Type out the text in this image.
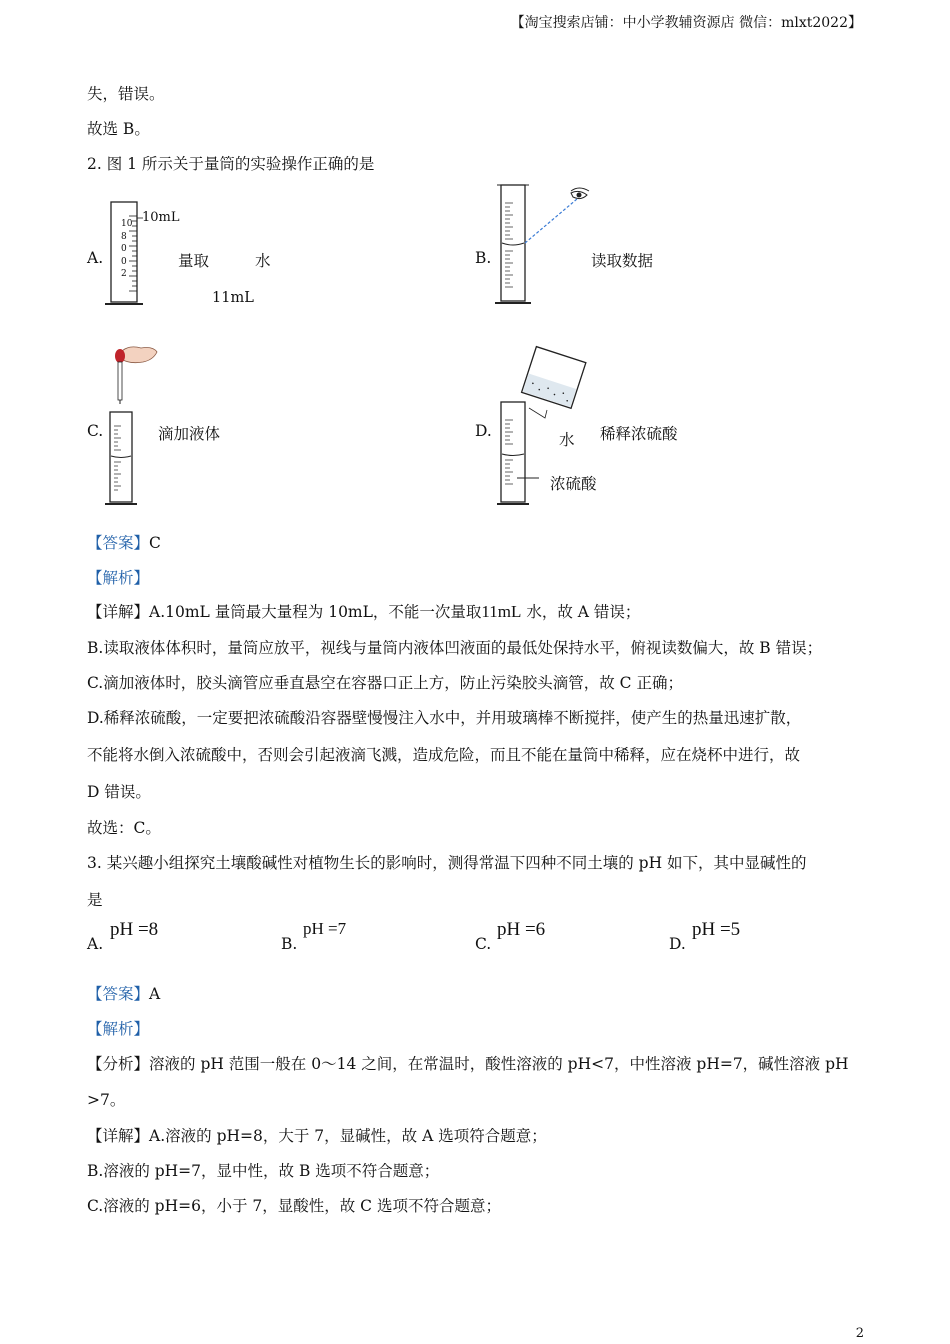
【淘宝搜索店铺：中小学教辅资源店 微信：mlxt2022】
失，错误。
故选 B。
2. 图 1 所示关于量筒的实验操作正确的是
A.
10mL
10
8
0
0
2
量取	水
11mL
B.	读取数据
C.	滴加液体	D.	水 稀释浓硫酸
浓硫酸
【答案】C
【解析】
【详解】A.10mL 量筒最大量程为 10mL，不能一次量取11mL 水，故 A 错误；
B.读取液体体积时，量筒应放平，视线与量筒内液体凹液面的最低处保持水平，俯视读数偏大，故 B 错误；
C.滴加液体时，胶头滴管应垂直悬空在容器口正上方，防止污染胶头滴管，故 C 正确；
D.稀释浓硫酸，一定要把浓硫酸沿容器壁慢慢注入水中，并用玻璃棒不断搅拌，使产生的热量迅速扩散，
不能将水倒入浓硫酸中，否则会引起液滴飞溅，造成危险，而且不能在量筒中稀释，应在烧杯中进行，故
D 错误。
故选：C。
3. 某兴趣小组探究土壤酸碱性对植物生长的影响时，测得常温下四种不同土壤的 pH 如下，其中显碱性的
是
A.
pH =8
B.
pH =7
C.
pH =6
D.
pH =5
【答案】A
【解析】
【分析】溶液的 pH 范围一般在 0～14 之间，在常温时，酸性溶液的 pH<7，中性溶液 pH=7，碱性溶液 pH
>7。
【详解】A.溶液的 pH=8，大于 7，显碱性，故 A 选项符合题意；
B.溶液的 pH=7，显中性，故 B 选项不符合题意；
C.溶液的 pH=6，小于 7，显酸性，故 C 选项不符合题意；
2
